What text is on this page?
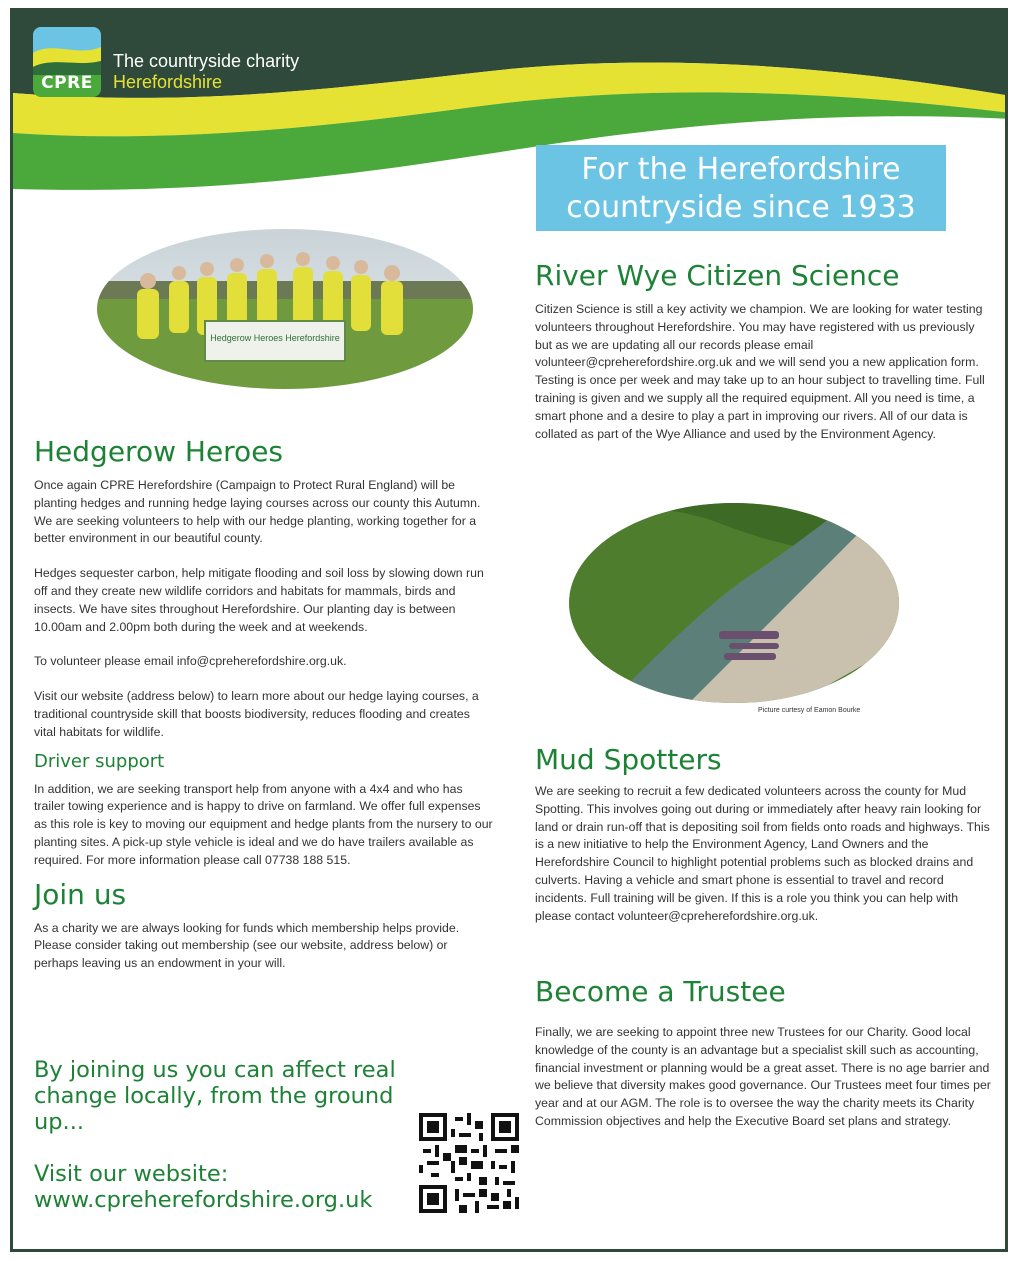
CPRE
The countryside charity
Herefordshire
For the Herefordshire
countryside since 1933
Hedgerow Heroes Herefordshire
Hedgerow Heroes

Once again CPRE Herefordshire (Campaign to Protect Rural England) will be planting hedges and running hedge laying courses across our county this Autumn. We are seeking volunteers to help with our hedge planting, working together for a better environment in our beautiful county.

Hedges sequester carbon, help mitigate flooding and soil loss by slowing down run off and they create new wildlife corridors and habitats for mammals, birds and insects. We have sites throughout Herefordshire. Our planting day is between 10.00am and 2.00pm both during the week and at weekends.

To volunteer please email info@cpreherefordshire.org.uk.

Visit our website (address below) to learn more about our hedge laying courses, a traditional countryside skill that boosts biodiversity, reduces flooding and creates vital habitats for wildlife.

Driver support

In addition, we are seeking transport help from anyone with a 4x4 and who has trailer towing experience and is happy to drive on farmland. We offer full expenses as this role is key to moving our equipment and hedge plants from the nursery to our planting sites. A pick-up style vehicle is ideal and we do have trailers available as required. For more information please call 07738 188 515.

Join us

As a charity we are always looking for funds which membership helps provide. Please consider taking out membership (see our website, address below) or perhaps leaving us an endowment in your will.

By joining us you can affect real change locally, from the ground up...
Visit our website:
www.cpreherefordshire.org.uk
River Wye Citizen Science

Citizen Science is still a key activity we champion. We are looking for water testing volunteers throughout Herefordshire. You may have registered with us previously but as we are updating all our records please email volunteer@cpreherefordshire.org.uk and we will send you a new application form. Testing is once per week and may take up to an hour subject to travelling time. Full training is given and we supply all the required equipment. All you need is time, a smart phone and a desire to play a part in improving our rivers. All of our data is collated as part of the Wye Alliance and used by the Environment Agency.

Picture curtesy of Eamon Bourke
Mud Spotters

We are seeking to recruit a few dedicated volunteers across the county for Mud Spotting. This involves going out during or immediately after heavy rain looking for land or drain run-off that is depositing soil from fields onto roads and highways. This is a new initiative to help the Environment Agency, Land Owners and the Herefordshire Council to highlight potential problems such as blocked drains and culverts. Having a vehicle and smart phone is essential to travel and record incidents. Full training will be given. If this is a role you think you can help with please contact volunteer@cpreherefordshire.org.uk.

Become a Trustee

Finally, we are seeking to appoint three new Trustees for our Charity. Good local knowledge of the county is an advantage but a specialist skill such as accounting, financial investment or planning would be a great asset. There is no age barrier and we believe that diversity makes good governance. Our Trustees meet four times per year and at our AGM. The role is to oversee the way the charity meets its Charity Commission objectives and help the Executive Board set plans and strategy.
